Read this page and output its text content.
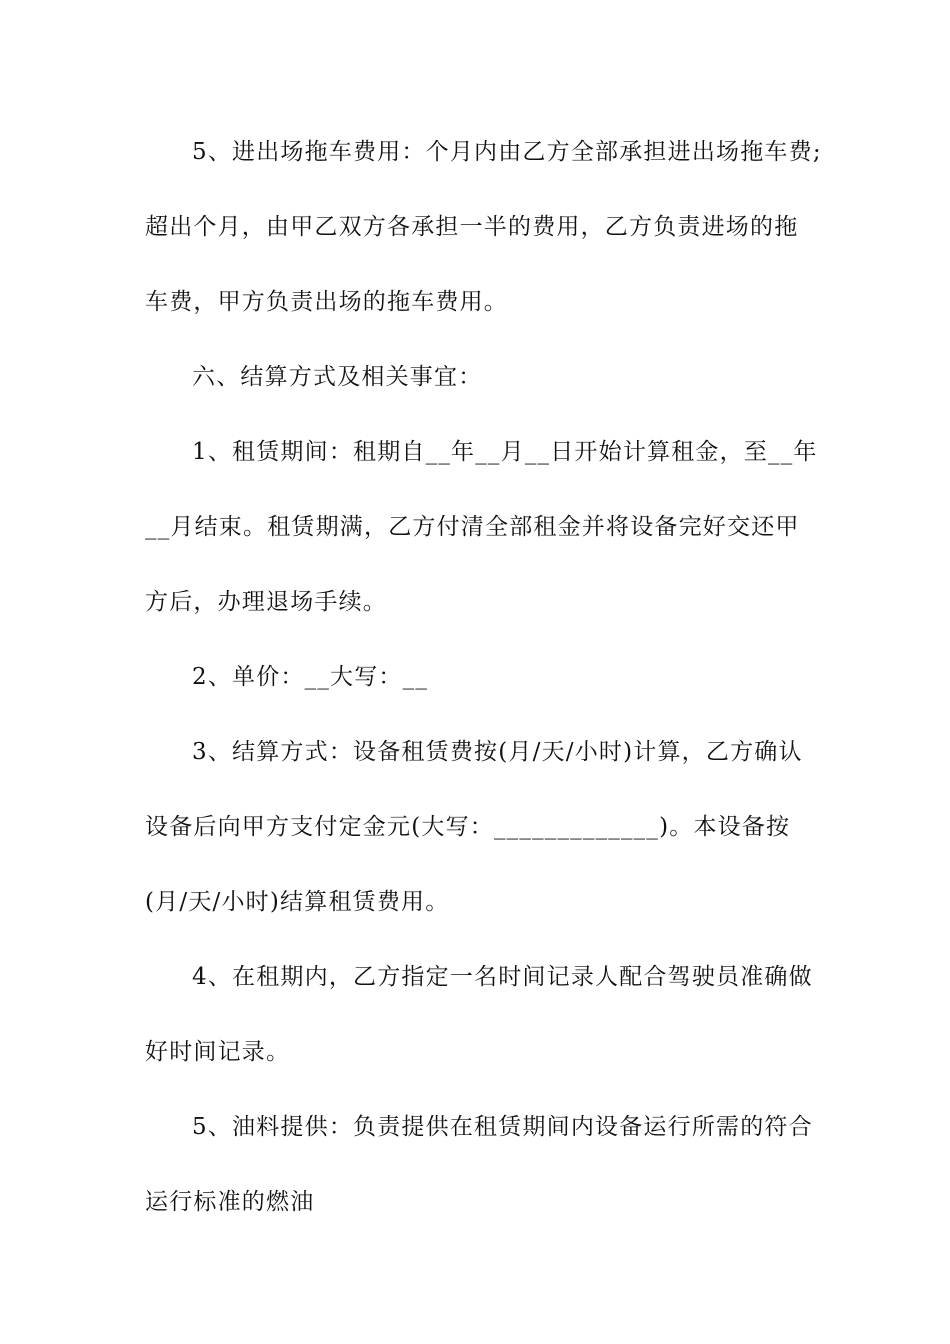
5、进出场拖车费用：个月内由乙方全部承担进出场拖车费;
超出个月，由甲乙双方各承担一半的费用，乙方负责进场的拖
车费，甲方负责出场的拖车费用。
六、结算方式及相关事宜：
1、租赁期间：租期自__年__月__日开始计算租金，至__年
__月结束。租赁期满，乙方付清全部租金并将设备完好交还甲
方后，办理退场手续。
2、单价：__大写：__
3、结算方式：设备租赁费按(月/天/小时)计算，乙方确认
设备后向甲方支付定金元(大写：_____________)。本设备按
(月/天/小时)结算租赁费用。
4、在租期内，乙方指定一名时间记录人配合驾驶员准确做
好时间记录。
5、油料提供：负责提供在租赁期间内设备运行所需的符合
运行标准的燃油
